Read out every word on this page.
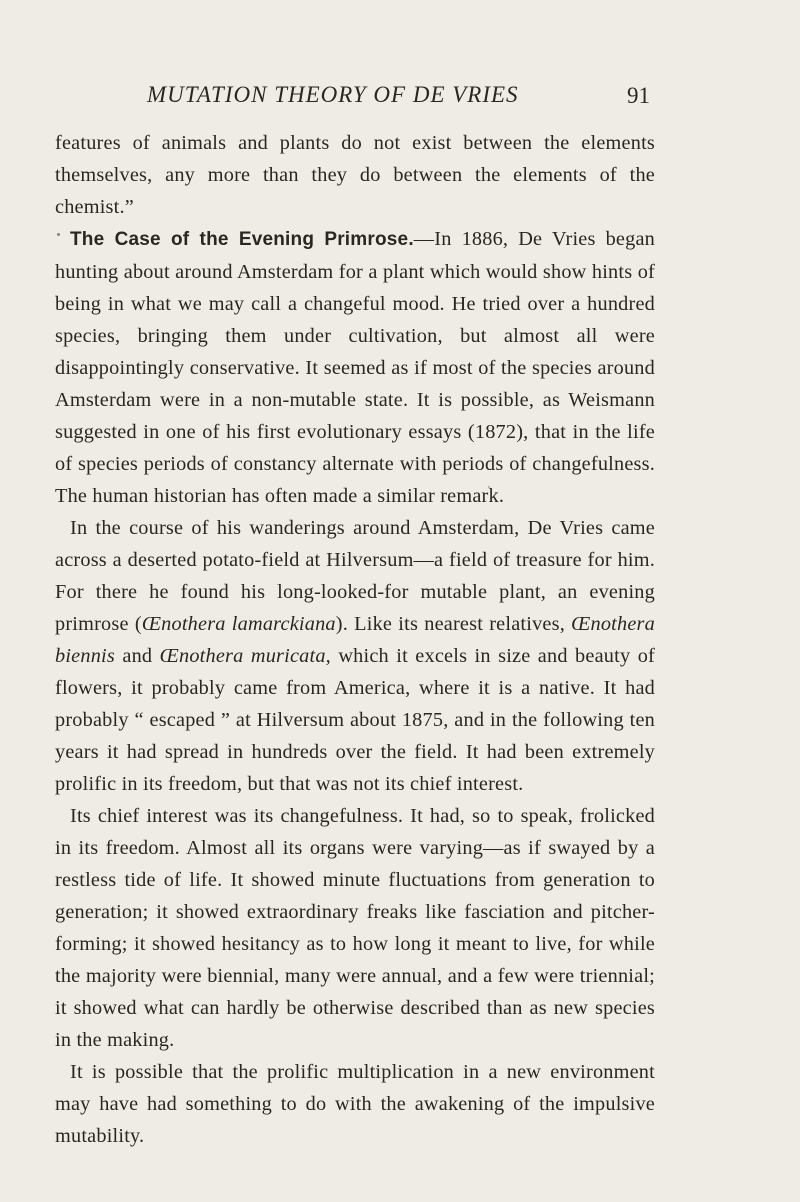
MUTATION THEORY OF DE VRIES	91

features of animals and plants do not exist between the elements themselves, any more than they do between the elements of the chemist.”

The Case of the Evening Primrose.—In 1886, De Vries began hunting about around Amsterdam for a plant which would show hints of being in what we may call a changeful mood. He tried over a hundred species, bringing them under cultivation, but almost all were disappointingly conservative. It seemed as if most of the species around Amsterdam were in a non-mutable state. It is possible, as Weismann suggested in one of his first evolutionary essays (1872), that in the life of species periods of constancy alternate with periods of changefulness. The human historian has often made a similar remark.

In the course of his wanderings around Amsterdam, De Vries came across a deserted potato-field at Hilversum—a field of treasure for him. For there he found his long-looked-for mutable plant, an evening primrose (Œnothera lamarckiana). Like its nearest relatives, Œnothera biennis and Œnothera muricata, which it excels in size and beauty of flowers, it probably came from America, where it is a native. It had probably “ escaped ” at Hilversum about 1875, and in the following ten years it had spread in hundreds over the field. It had been extremely prolific in its freedom, but that was not its chief interest.

Its chief interest was its changefulness. It had, so to speak, frolicked in its freedom. Almost all its organs were varying—as if swayed by a restless tide of life. It showed minute fluctuations from generation to generation; it showed extraordinary freaks like fasciation and pitcher-forming; it showed hesitancy as to how long it meant to live, for while the majority were biennial, many were annual, and a few were triennial; it showed what can hardly be otherwise described than as new species in the making.

It is possible that the prolific multiplication in a new environment may have had something to do with the awakening of the impulsive mutability.
